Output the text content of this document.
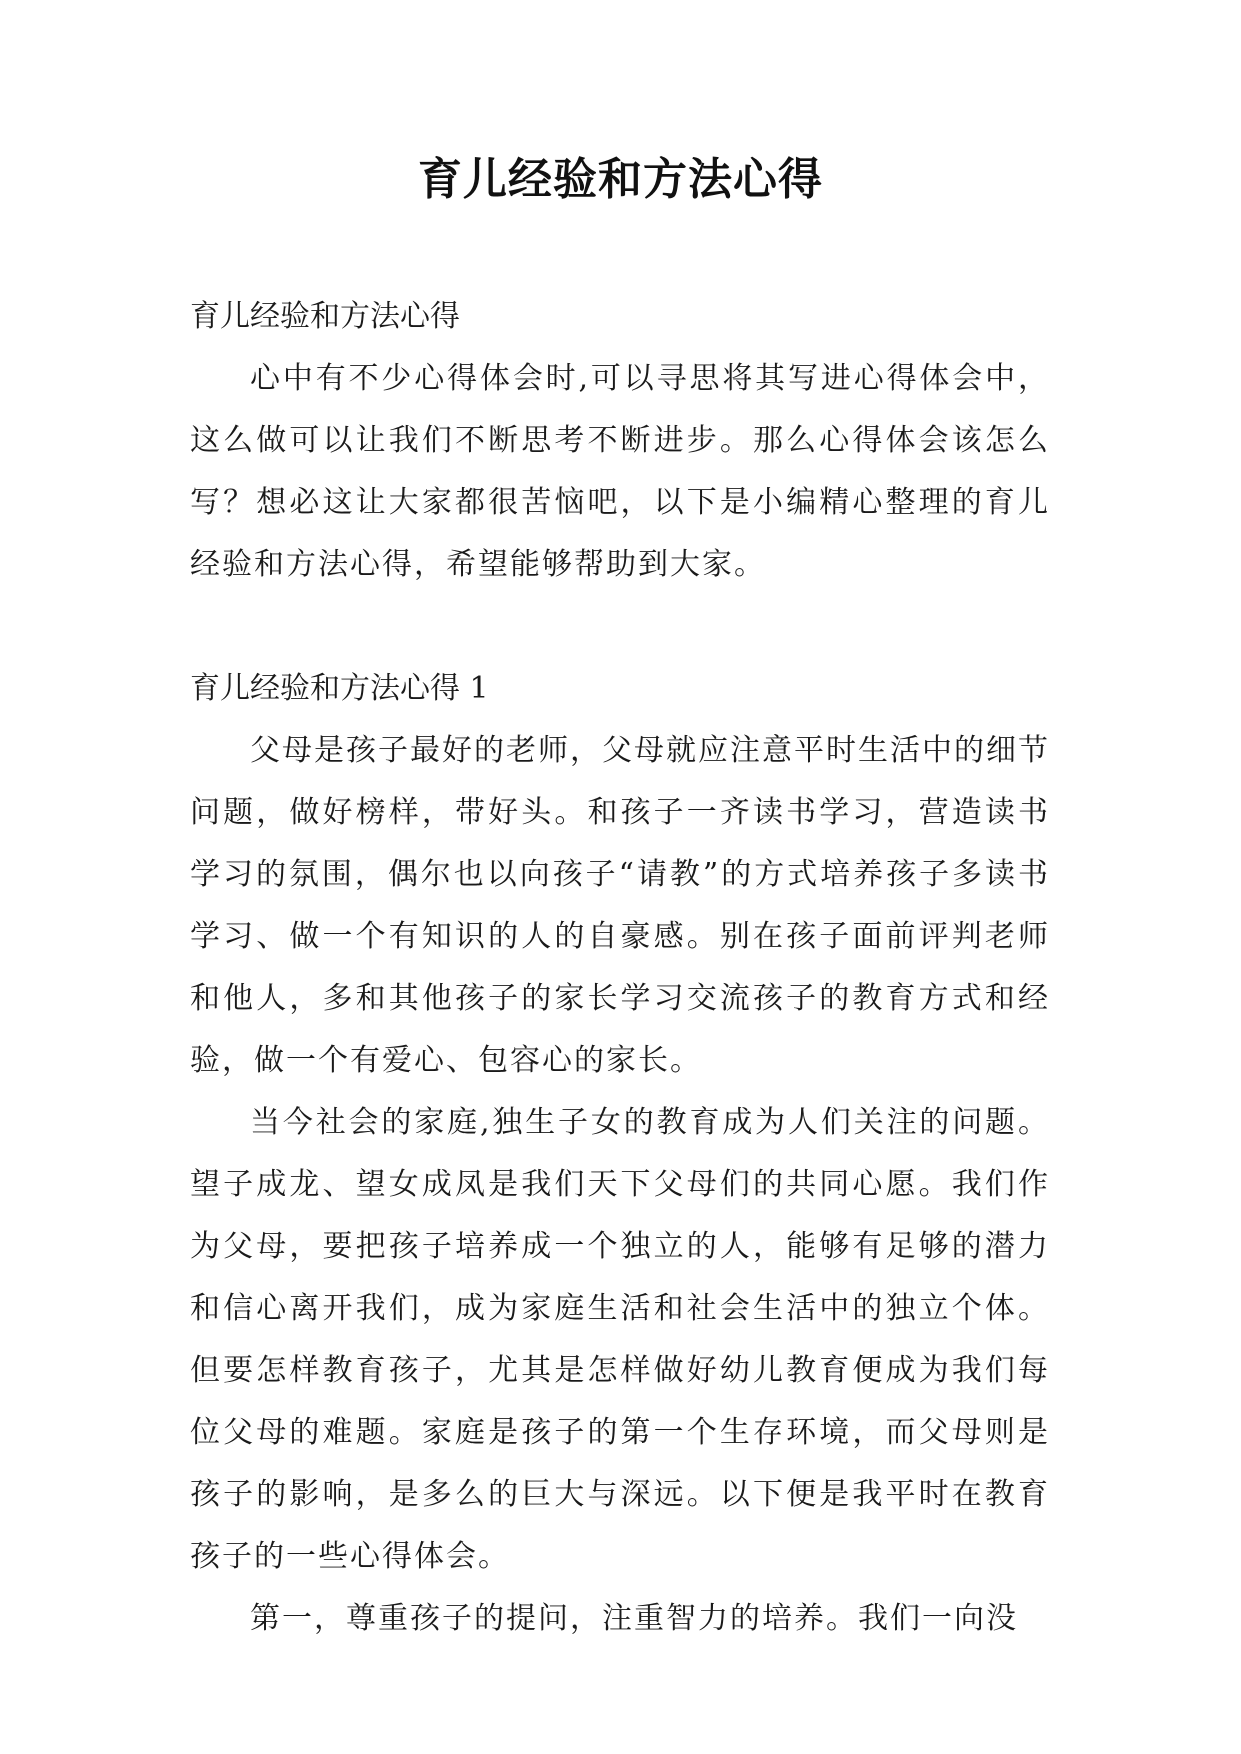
育儿经验和方法心得

育儿经验和方法心得

心中有不少心得体会时,可以寻思将其写进心得体会中，这么做可以让我们不断思考不断进步。那么心得体会该怎么写？想必这让大家都很苦恼吧，以下是小编精心整理的育儿经验和方法心得，希望能够帮助到大家。

育儿经验和方法心得 1

父母是孩子最好的老师，父母就应注意平时生活中的细节问题，做好榜样，带好头。和孩子一齐读书学习，营造读书学习的氛围，偶尔也以向孩子“请教”的方式培养孩子多读书学习、做一个有知识的人的自豪感。别在孩子面前评判老师和他人，多和其他孩子的家长学习交流孩子的教育方式和经验，做一个有爱心、包容心的家长。

当今社会的家庭,独生子女的教育成为人们关注的问题。望子成龙、望女成凤是我们天下父母们的共同心愿。我们作为父母，要把孩子培养成一个独立的人，能够有足够的潜力和信心离开我们，成为家庭生活和社会生活中的独立个体。但要怎样教育孩子，尤其是怎样做好幼儿教育便成为我们每位父母的难题。家庭是孩子的第一个生存环境，而父母则是孩子的影响，是多么的巨大与深远。以下便是我平时在教育孩子的一些心得体会。

第一，尊重孩子的提问，注重智力的培养。我们一向没
